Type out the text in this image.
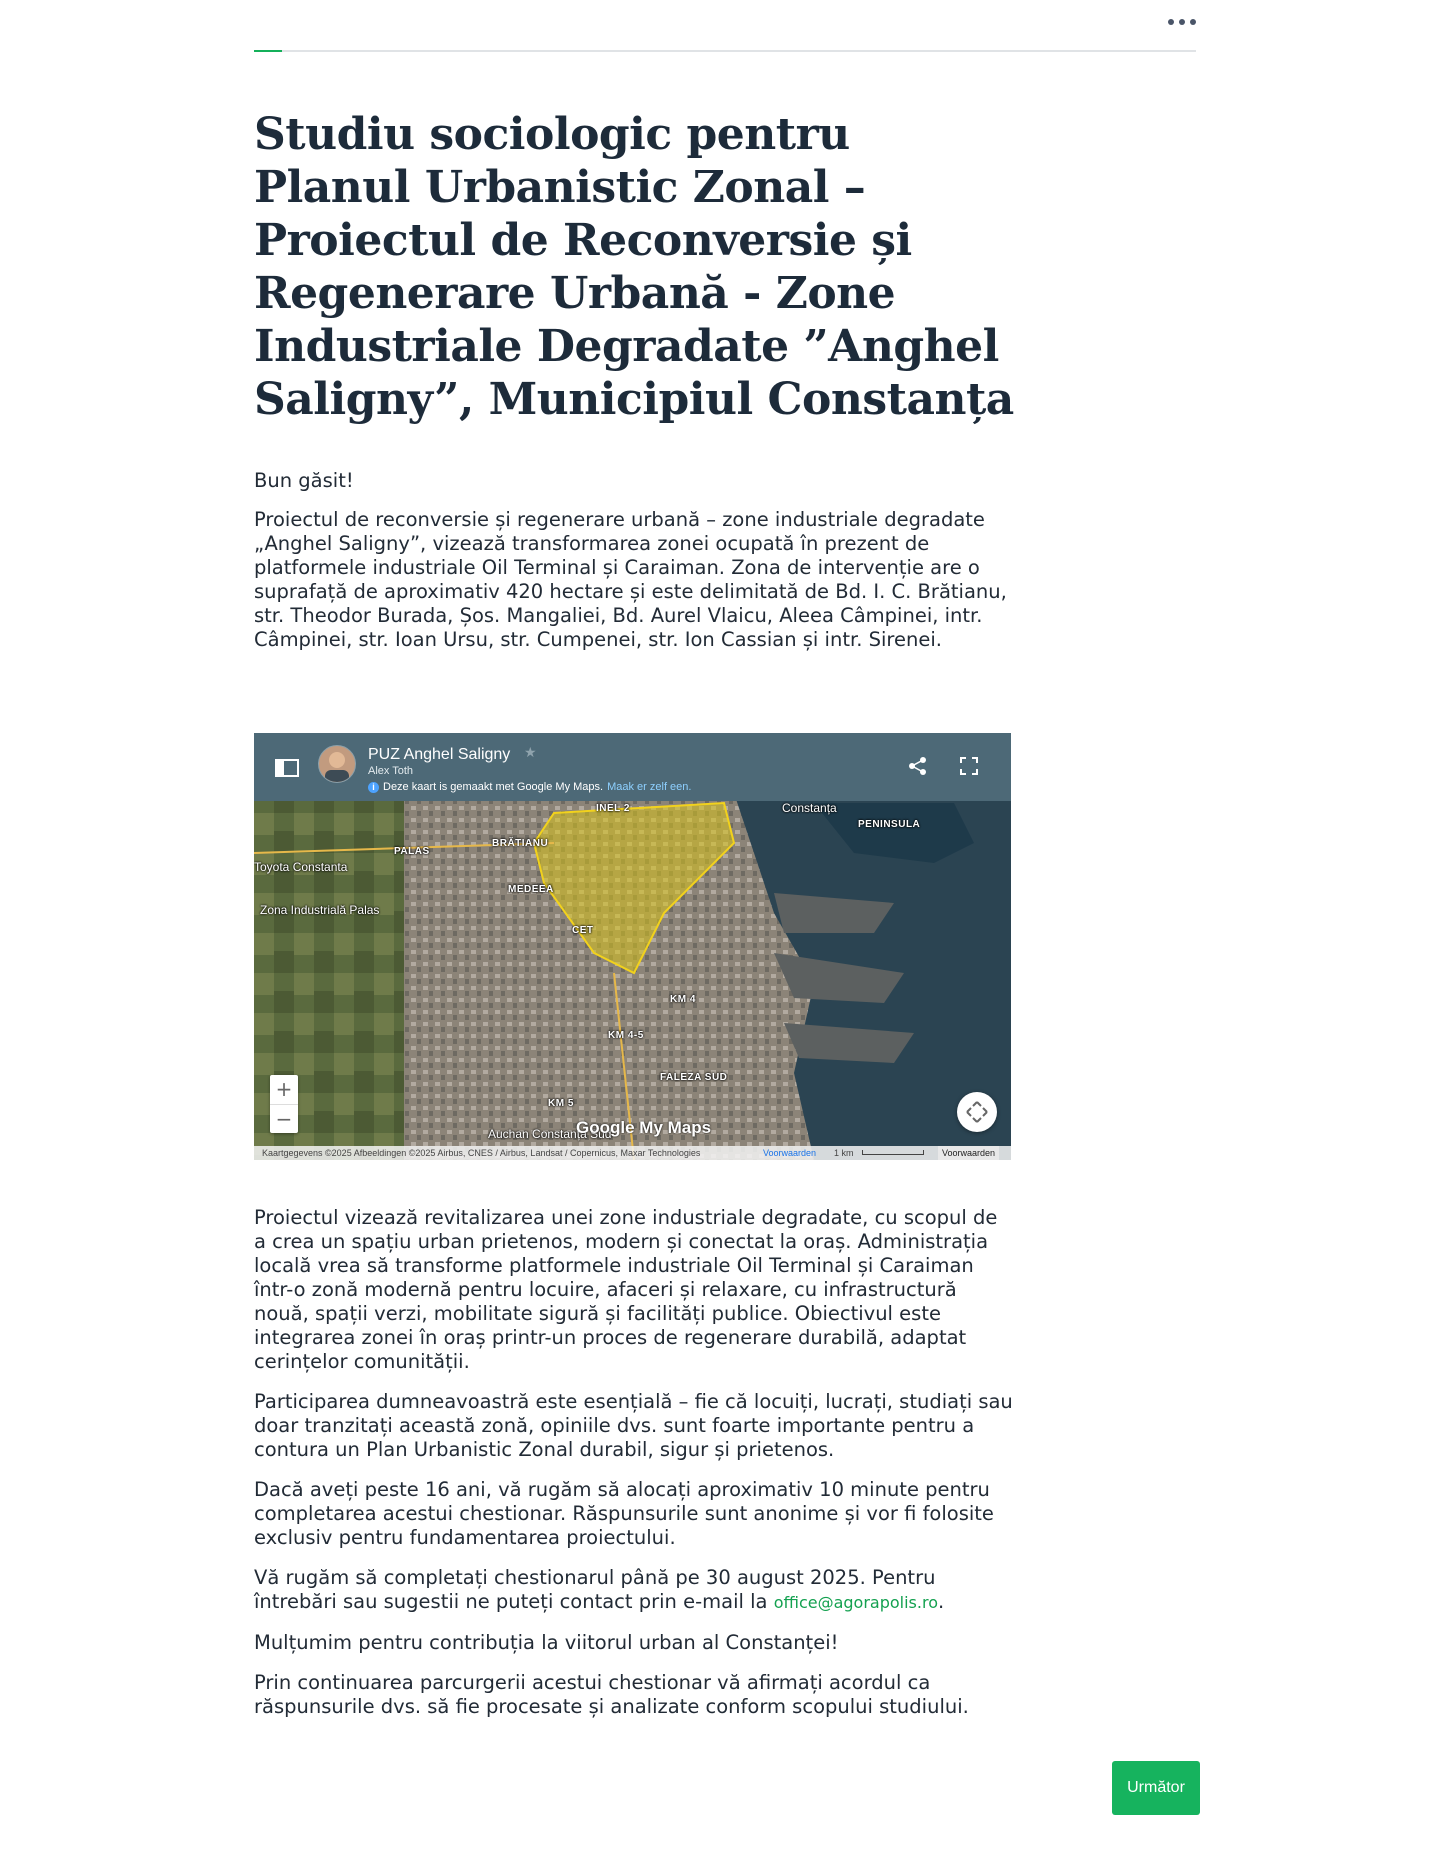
Studiu sociologic pentru Planul Urbanistic Zonal – Proiectul de Reconversie și Regenerare Urbană - Zone Industriale Degradate ”Anghel Saligny”, Municipiul Constanța

Bun găsit!

Proiectul de reconversie și regenerare urbană – zone industriale degradate „Anghel Saligny”, vizează transformarea zonei ocupată în prezent de platformele industriale Oil Terminal și Caraiman. Zona de intervenție are o suprafață de aproximativ 420 hectare și este delimitată de Bd. I. C. Brătianu, str. Theodor Burada, Șos. Mangaliei, Bd. Aurel Vlaicu, Aleea Câmpinei, intr. Câmpinei, str. Ioan Ursu, str. Cumpenei, str. Ion Cassian și intr. Sirenei.

PUZ Anghel Saligny ★
Alex Toth
i Deze kaart is gemaakt met Google My Maps. Maak er zelf een.
INEL 2	Constanța
PENINSULA
BRĂTIANU
PALAS
Toyota Constanta
MEDEEA
Zona Industrială Palas
CET
KM 4
KM 4-5
FALEZA SUD
KM 5
Auchan Constanța Sud
+
−	Google My Maps
Kaartgegevens ©2025 Afbeeldingen ©2025 Airbus, CNES / Airbus, Landsat / Copernicus, Maxar Technologies	Voorwaarden 1 km	Voorwaarden

Proiectul vizează revitalizarea unei zone industriale degradate, cu scopul de a crea un spațiu urban prietenos, modern și conectat la oraș. Administrația locală vrea să transforme platformele industriale Oil Terminal și Caraiman într-o zonă modernă pentru locuire, afaceri și relaxare, cu infrastructură nouă, spații verzi, mobilitate sigură și facilități publice. Obiectivul este integrarea zonei în oraș printr-un proces de regenerare durabilă, adaptat cerințelor comunității.

Participarea dumneavoastră este esențială – fie că locuiți, lucrați, studiați sau doar tranzitați această zonă, opiniile dvs. sunt foarte importante pentru a contura un Plan Urbanistic Zonal durabil, sigur și prietenos.

Dacă aveți peste 16 ani, vă rugăm să alocați aproximativ 10 minute pentru completarea acestui chestionar. Răspunsurile sunt anonime și vor fi folosite exclusiv pentru fundamentarea proiectului.

Vă rugăm să completați chestionarul până pe 30 august 2025. Pentru întrebări sau sugestii ne puteți contact prin e-mail la office@agorapolis.ro.

Mulțumim pentru contribuția la viitorul urban al Constanței!

Prin continuarea parcurgerii acestui chestionar vă afirmați acordul ca răspunsurile dvs. să fie procesate și analizate conform scopului studiului.

Următor
